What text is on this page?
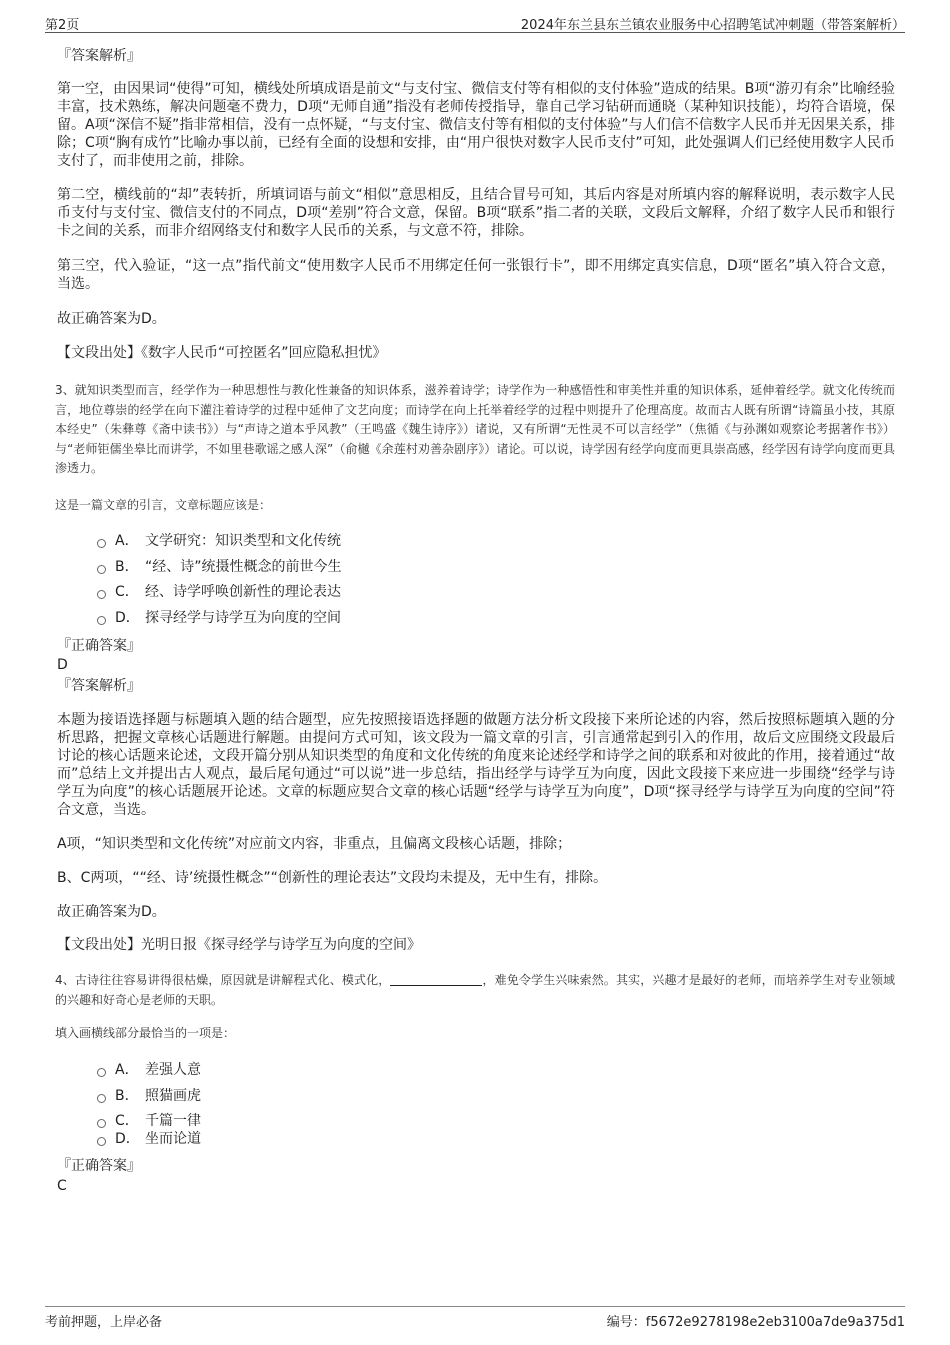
第2页	2024年东兰县东兰镇农业服务中心招聘笔试冲刺题（带答案解析）

『答案解析』

第一空，由因果词“使得”可知，横线处所填成语是前文“与支付宝、微信支付等有相似的支付体验”造成的结果。B项“游刃有余”比喻经验丰富，技术熟练，解决问题毫不费力，D项“无师自通”指没有老师传授指导，靠自己学习钻研而通晓（某种知识技能），均符合语境，保留。A项“深信不疑”指非常相信，没有一点怀疑，“与支付宝、微信支付等有相似的支付体验”与人们信不信数字人民币并无因果关系，排除；C项“胸有成竹”比喻办事以前，已经有全面的设想和安排，由“用户很快对数字人民币支付”可知，此处强调人们已经使用数字人民币支付了，而非使用之前，排除。

第二空，横线前的“却”表转折，所填词语与前文“相似”意思相反，且结合冒号可知，其后内容是对所填内容的解释说明，表示数字人民币支付与支付宝、微信支付的不同点，D项“差别”符合文意，保留。B项“联系”指二者的关联，文段后文解释，介绍了数字人民币和银行卡之间的关系，而非介绍网络支付和数字人民币的关系，与文意不符，排除。

第三空，代入验证，“这一点”指代前文“使用数字人民币不用绑定任何一张银行卡”，即不用绑定真实信息，D项“匿名”填入符合文意，当选。

故正确答案为D。

【文段出处】《数字人民币“可控匿名”回应隐私担忧》

3、就知识类型而言，经学作为一种思想性与教化性兼备的知识体系，滋养着诗学；诗学作为一种感悟性和审美性并重的知识体系，延伸着经学。就文化传统而言，地位尊崇的经学在向下灌注着诗学的过程中延伸了文艺向度；而诗学在向上托举着经学的过程中则提升了伦理高度。故而古人既有所谓“诗篇虽小技，其原本经史”（朱彝尊《斋中读书》）与“声诗之道本乎风教”（王鸣盛《魏生诗序》）诸说，又有所谓“无性灵不可以言经学”（焦循《与孙渊如观察论考据著作书》）与“老师钜儒坐皋比而讲学，不如里巷歌谣之感人深”（俞樾《余莲村劝善杂剧序》）诸论。可以说，诗学因有经学向度而更具崇高感，经学因有诗学向度而更具渗透力。

这是一篇文章的引言，文章标题应该是：

A． 文学研究：知识类型和文化传统
B． “经、诗”统摄性概念的前世今生
C． 经、诗学呼唤创新性的理论表达
D． 探寻经学与诗学互为向度的空间

『正确答案』

D

『答案解析』

本题为接语选择题与标题填入题的结合题型，应先按照接语选择题的做题方法分析文段接下来所论述的内容，然后按照标题填入题的分析思路，把握文章核心话题进行解题。由提问方式可知，该文段为一篇文章的引言，引言通常起到引入的作用，故后文应围绕文段最后讨论的核心话题来论述，文段开篇分别从知识类型的角度和文化传统的角度来论述经学和诗学之间的联系和对彼此的作用，接着通过“故而”总结上文并提出古人观点，最后尾句通过“可以说”进一步总结，指出经学与诗学互为向度，因此文段接下来应进一步围绕“经学与诗学互为向度”的核心话题展开论述。文章的标题应契合文章的核心话题“经学与诗学互为向度”，D项“探寻经学与诗学互为向度的空间”符合文意，当选。

A项，“知识类型和文化传统”对应前文内容，非重点，且偏离文段核心话题，排除；

B、C两项，““经、诗’统摄性概念”“创新性的理论表达”文段均未提及，无中生有，排除。

故正确答案为D。

【文段出处】光明日报《探寻经学与诗学互为向度的空间》

4、古诗往往容易讲得很枯燥，原因就是讲解程式化、模式化，	，难免令学生兴味索然。其实，兴趣才是最好的老师，而培养学生对专业领域的兴趣和好奇心是老师的天职。

填入画横线部分最恰当的一项是：

A． 差强人意
B． 照猫画虎
C． 千篇一律
D． 坐而论道

『正确答案』

C

考前押题，上岸必备	编号：f5672e9278198e2eb3100a7de9a375d1
